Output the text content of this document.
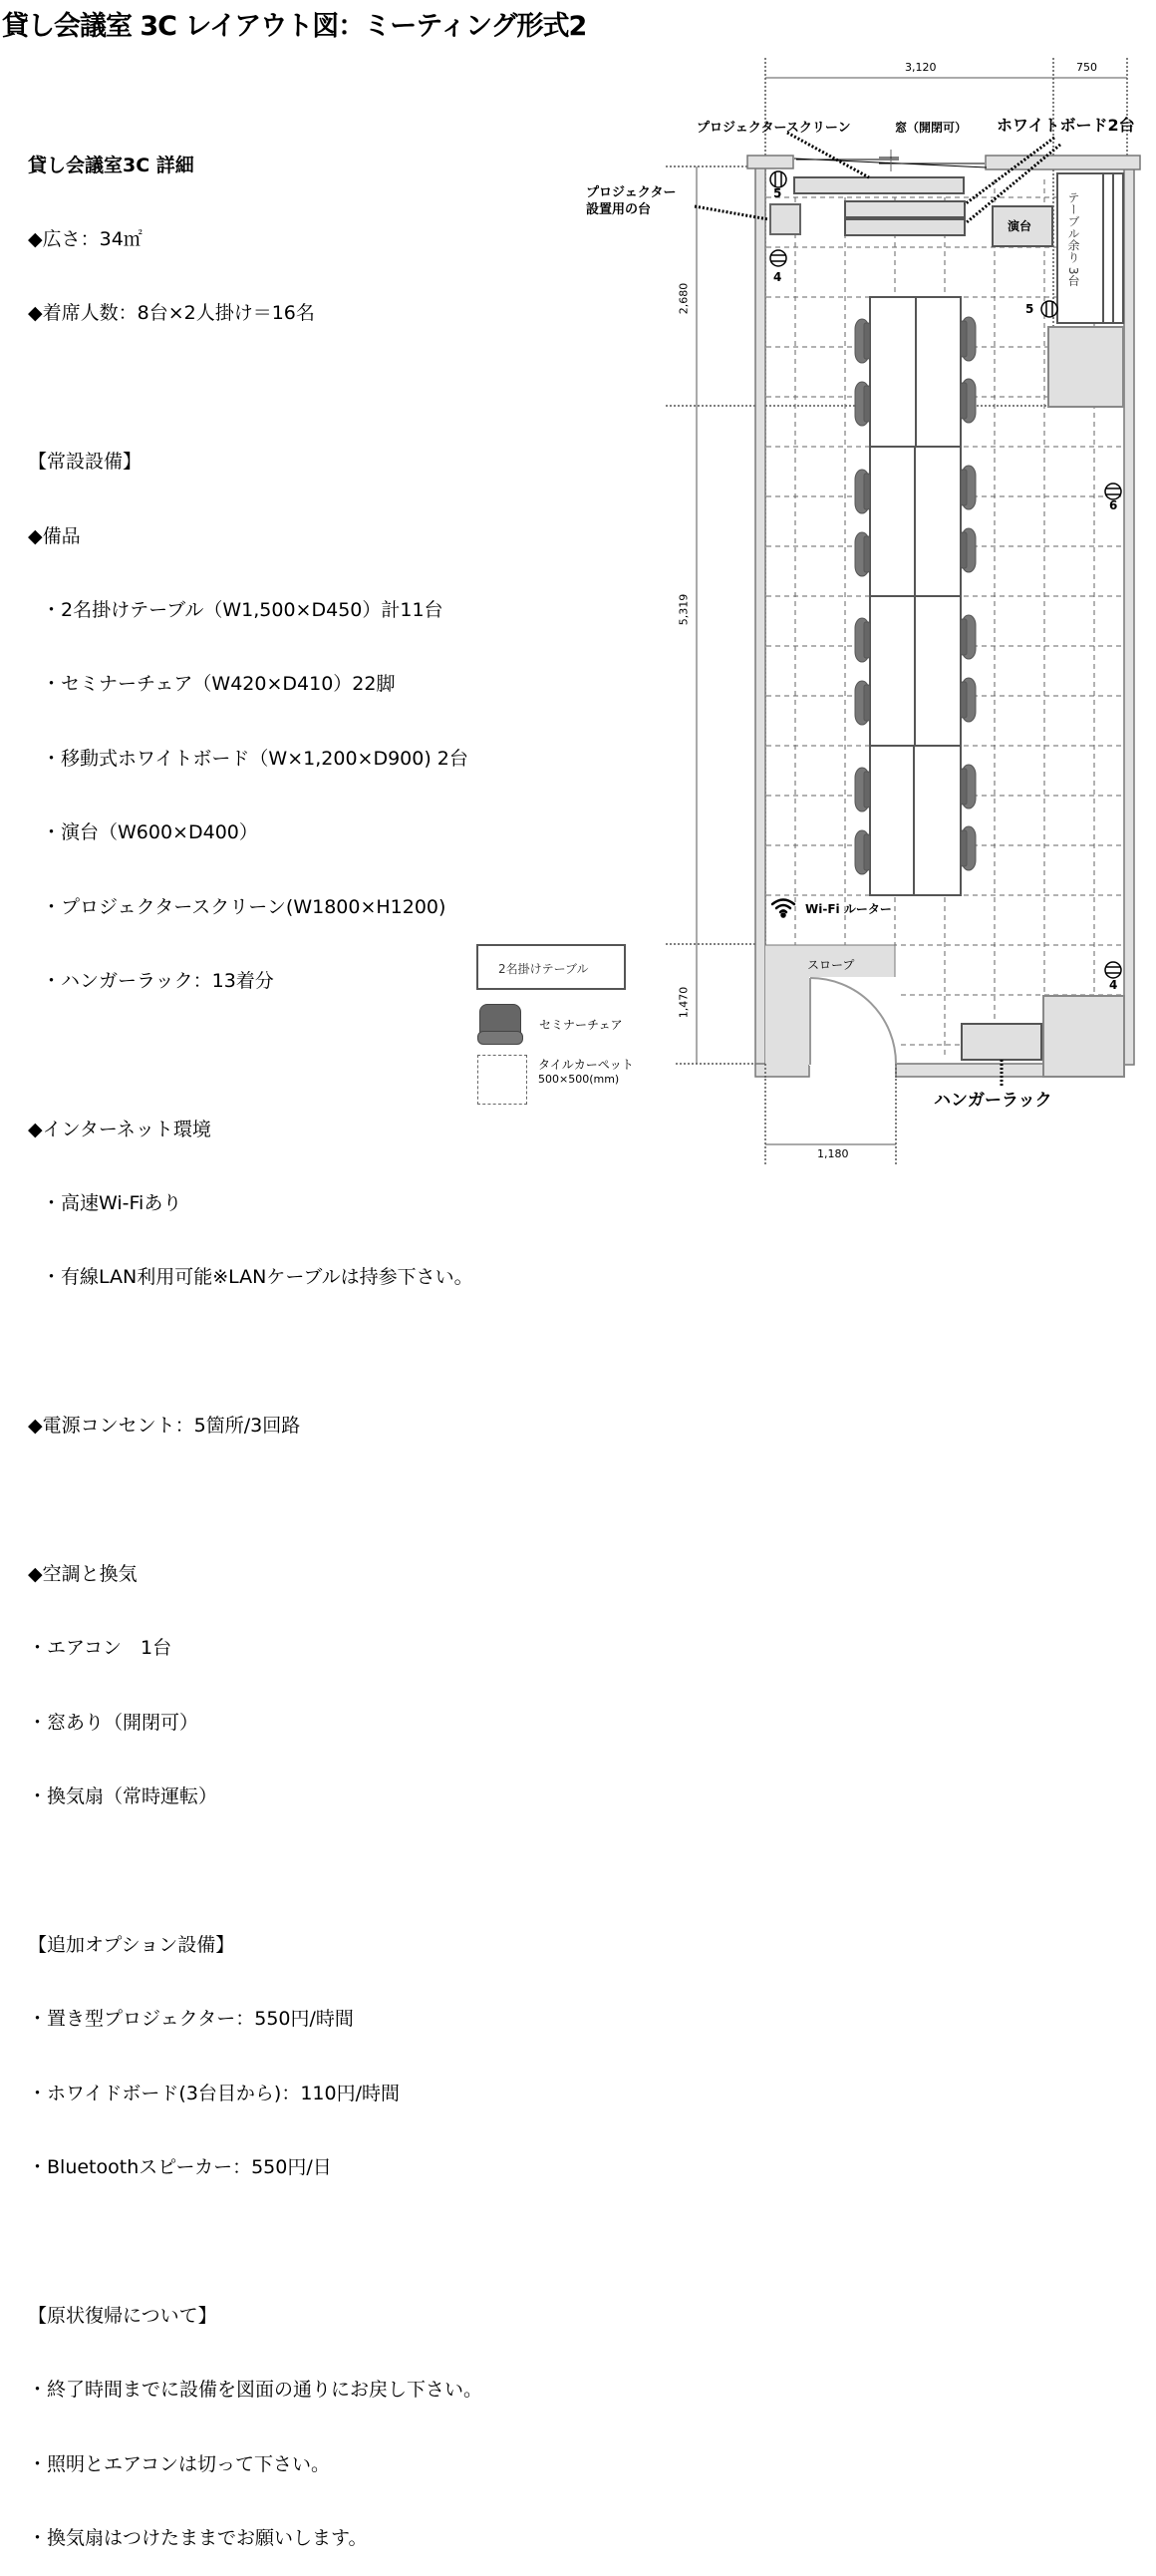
貸し会議室 3C レイアウト図：ミーティング形式2

貸し会議室3C 詳細

◆広さ：34㎡

◆着席人数：8台×2人掛け＝16名

【常設設備】

◆備品

・2名掛けテーブル（W1,500×D450）計11台

・セミナーチェア（W420×D410）22脚

・移動式ホワイトボード（W×1,200×D900) 2台

・演台（W600×D400）

・プロジェクタースクリーン(W1800×H1200)

・ハンガーラック：13着分

◆インターネット環境

・高速Wi-Fiあり

・有線LAN利用可能※LANケーブルは持参下さい。

◆電源コンセント：5箇所/3回路

◆空調と換気

・エアコン　1台

・窓あり（開閉可）

・換気扇（常時運転）

【追加オプション設備】

・置き型プロジェクター：550円/時間

・ホワイドボード(3台目から)：110円/時間

・Bluetoothスピーカー：550円/日

【原状復帰について】

・終了時間までに設備を図面の通りにお戻し下さい。

・照明とエアコンは切って下さい。

・換気扇はつけたままでお願いします。

3,120	750
2,680
5,319
1,470
1,180
プロジェクタースクリーン	窓（開閉可） ホワイトボード2台
プロジェクター
設置用の台
演台	テーブル余り 3台
Wi-Fi ルーター
スロープ
ハンガーラック
5
4
5
6
4
2名掛けテーブル
セミナーチェア
タイルカーペット
500×500(mm)
